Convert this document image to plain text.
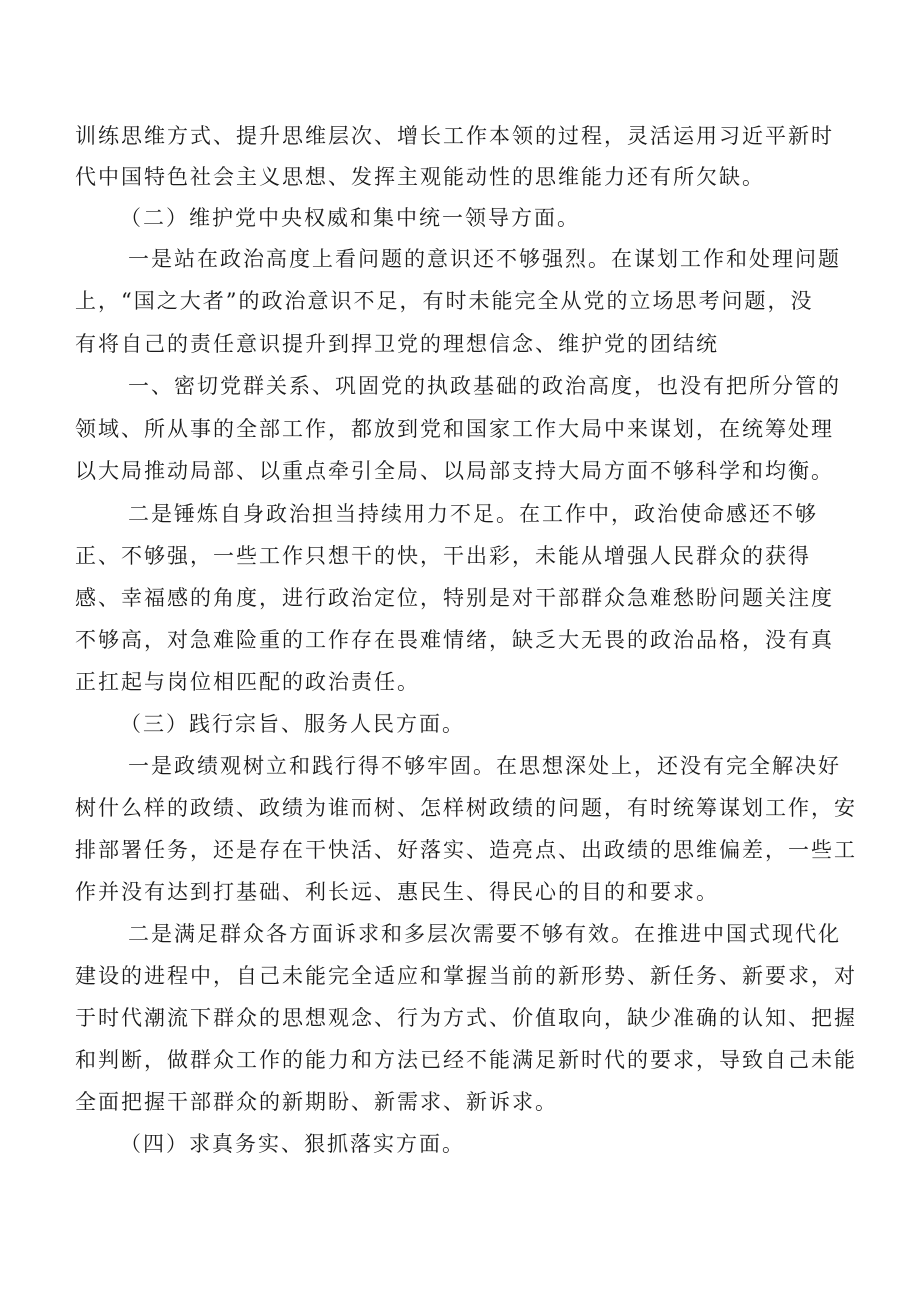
训练思维方式、提升思维层次、增长工作本领的过程，灵活运用习近平新时

代中国特色社会主义思想、发挥主观能动性的思维能力还有所欠缺。

（二）维护党中央权威和集中统一领导方面。

一是站在政治高度上看问题的意识还不够强烈。在谋划工作和处理问题

上，“国之大者”的政治意识不足，有时未能完全从党的立场思考问题，没

有将自己的责任意识提升到捍卫党的理想信念、维护党的团结统

一、密切党群关系、巩固党的执政基础的政治高度，也没有把所分管的

领域、所从事的全部工作，都放到党和国家工作大局中来谋划，在统筹处理

以大局推动局部、以重点牵引全局、以局部支持大局方面不够科学和均衡。

二是锤炼自身政治担当持续用力不足。在工作中，政治使命感还不够

正、不够强，一些工作只想干的快，干出彩，未能从增强人民群众的获得

感、幸福感的角度，进行政治定位，特别是对干部群众急难愁盼问题关注度

不够高，对急难险重的工作存在畏难情绪，缺乏大无畏的政治品格，没有真

正扛起与岗位相匹配的政治责任。

（三）践行宗旨、服务人民方面。

一是政绩观树立和践行得不够牢固。在思想深处上，还没有完全解决好

树什么样的政绩、政绩为谁而树、怎样树政绩的问题，有时统筹谋划工作，安

排部署任务，还是存在干快活、好落实、造亮点、出政绩的思维偏差，一些工

作并没有达到打基础、利长远、惠民生、得民心的目的和要求。

二是满足群众各方面诉求和多层次需要不够有效。在推进中国式现代化

建设的进程中，自己未能完全适应和掌握当前的新形势、新任务、新要求，对

于时代潮流下群众的思想观念、行为方式、价值取向，缺少准确的认知、把握

和判断，做群众工作的能力和方法已经不能满足新时代的要求，导致自己未能

全面把握干部群众的新期盼、新需求、新诉求。

（四）求真务实、狠抓落实方面。
